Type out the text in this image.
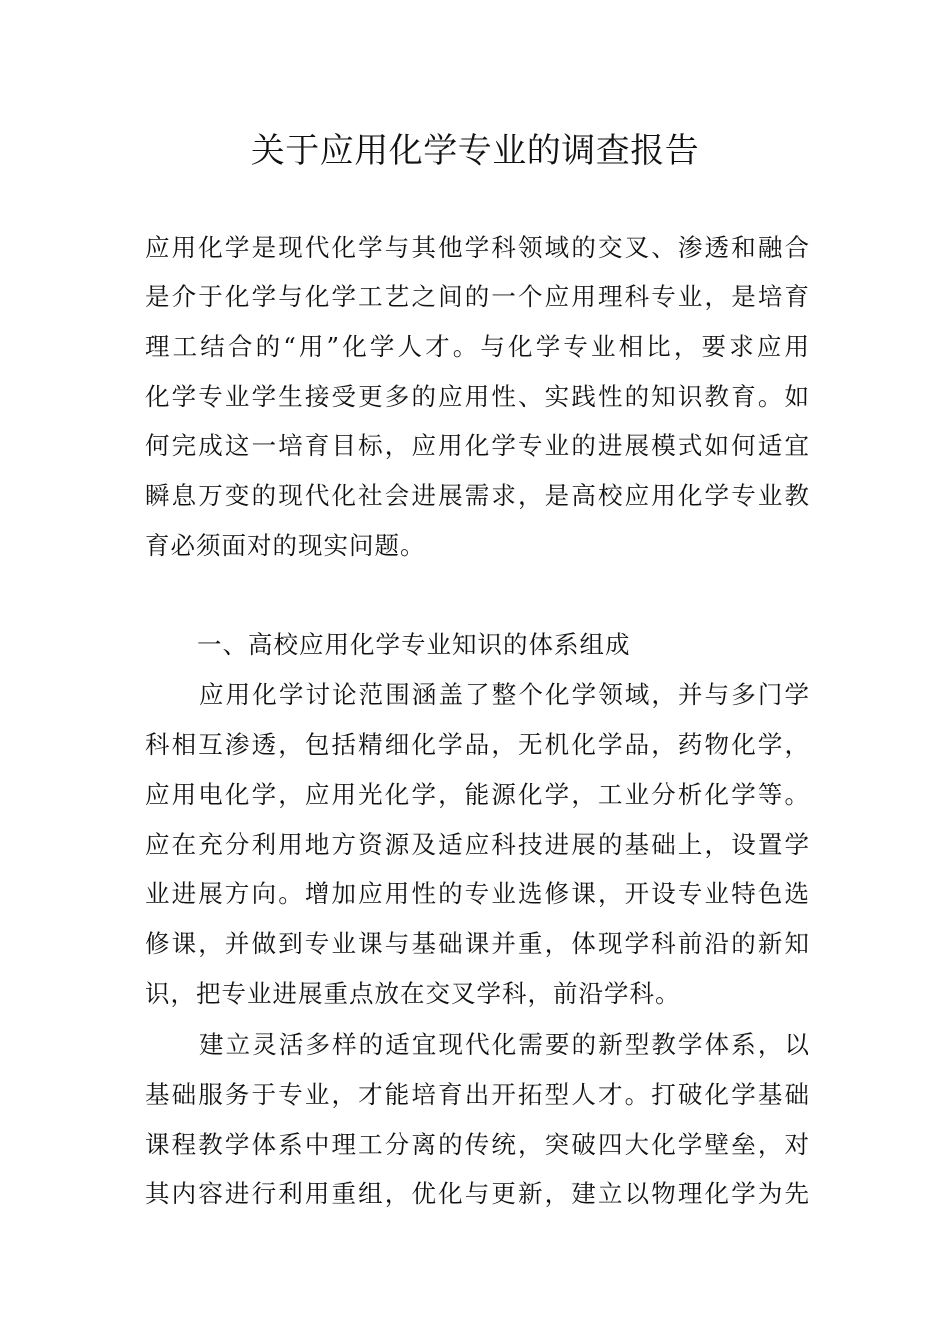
关于应用化学专业的调查报告
应用化学是现代化学与其他学科领域的交叉、渗透和融合
是介于化学与化学工艺之间的一个应用理科专业，是培育
理工结合的“用”化学人才。与化学专业相比，要求应用
化学专业学生接受更多的应用性、实践性的知识教育。如
何完成这一培育目标，应用化学专业的进展模式如何适宜
瞬息万变的现代化社会进展需求，是高校应用化学专业教
育必须面对的现实问题。
一、高校应用化学专业知识的体系组成
应用化学讨论范围涵盖了整个化学领域，并与多门学
科相互渗透，包括精细化学品，无机化学品，药物化学，
应用电化学，应用光化学，能源化学，工业分析化学等。
应在充分利用地方资源及适应科技进展的基础上，设置学
业进展方向。增加应用性的专业选修课，开设专业特色选
修课，并做到专业课与基础课并重，体现学科前沿的新知
识，把专业进展重点放在交叉学科，前沿学科。
建立灵活多样的适宜现代化需要的新型教学体系，以
基础服务于专业，才能培育出开拓型人才。打破化学基础
课程教学体系中理工分离的传统，突破四大化学壁垒，对
其内容进行利用重组，优化与更新，建立以物理化学为先
